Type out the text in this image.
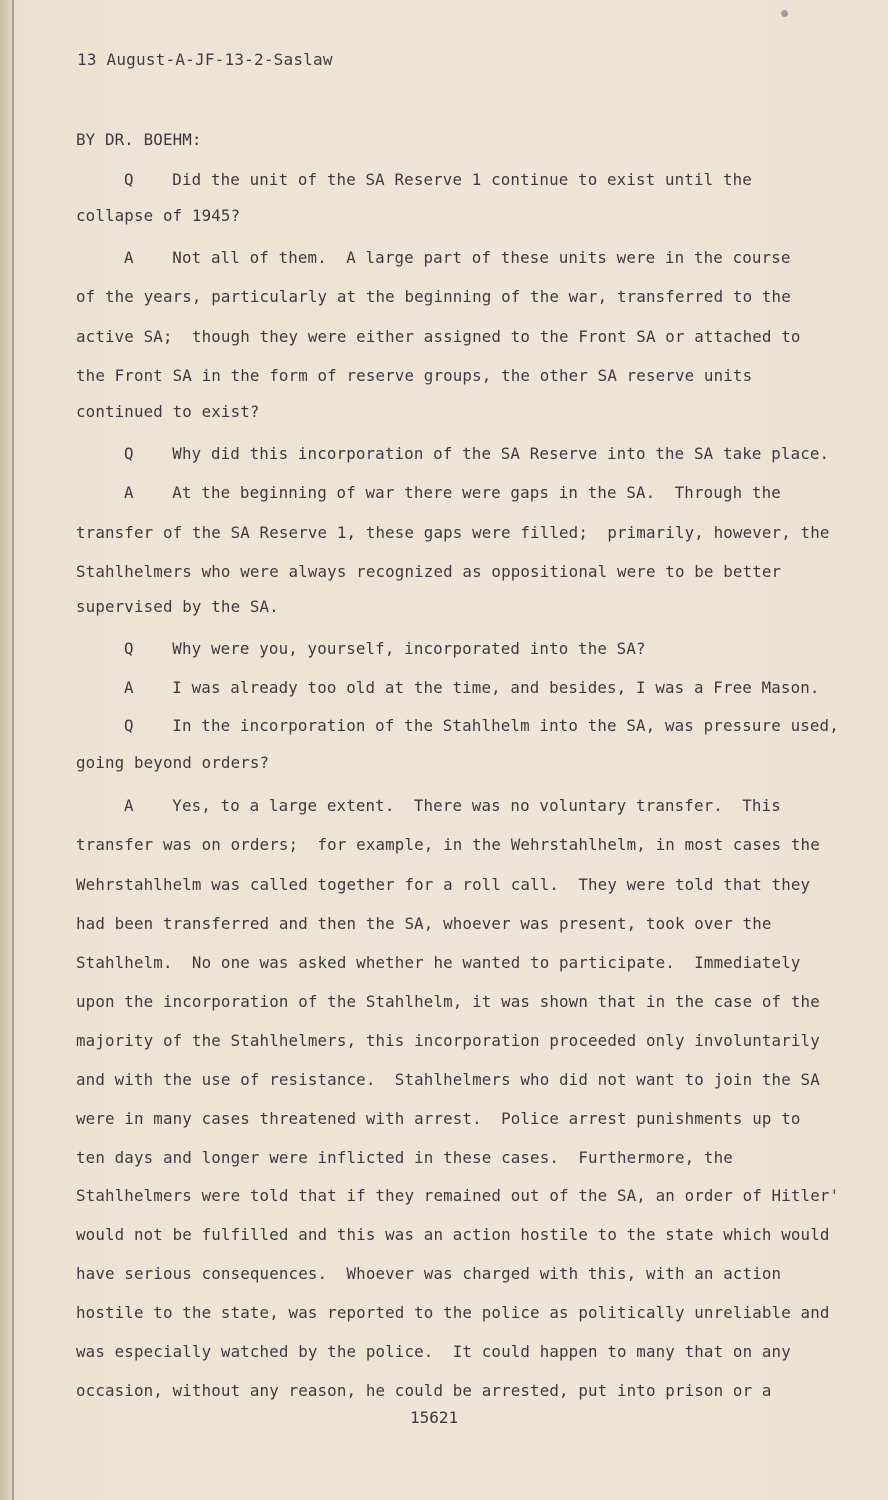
13 August-A-JF-13-2-Saslaw
BY DR. BOEHM:
Q    Did the unit of the SA Reserve 1 continue to exist until the
collapse of 1945?
A    Not all of them.  A large part of these units were in the course
of the years, particularly at the beginning of the war, transferred to the
active SA;  though they were either assigned to the Front SA or attached to
the Front SA in the form of reserve groups, the other SA reserve units
continued to exist?
Q    Why did this incorporation of the SA Reserve into the SA take place.
A    At the beginning of war there were gaps in the SA.  Through the
transfer of the SA Reserve 1, these gaps were filled;  primarily, however, the
Stahlhelmers who were always recognized as oppositional were to be better
supervised by the SA.
Q    Why were you, yourself, incorporated into the SA?
A    I was already too old at the time, and besides, I was a Free Mason.
Q    In the incorporation of the Stahlhelm into the SA, was pressure used,
going beyond orders?
A    Yes, to a large extent.  There was no voluntary transfer.  This
transfer was on orders;  for example, in the Wehrstahlhelm, in most cases the
Wehrstahlhelm was called together for a roll call.  They were told that they
had been transferred and then the SA, whoever was present, took over the
Stahlhelm.  No one was asked whether he wanted to participate.  Immediately
upon the incorporation of the Stahlhelm, it was shown that in the case of the
majority of the Stahlhelmers, this incorporation proceeded only involuntarily
and with the use of resistance.  Stahlhelmers who did not want to join the SA
were in many cases threatened with arrest.  Police arrest punishments up to
ten days and longer were inflicted in these cases.  Furthermore, the
Stahlhelmers were told that if they remained out of the SA, an order of Hitler'
would not be fulfilled and this was an action hostile to the state which would
have serious consequences.  Whoever was charged with this, with an action
hostile to the state, was reported to the police as politically unreliable and
was especially watched by the police.  It could happen to many that on any
occasion, without any reason, he could be arrested, put into prison or a
15621
